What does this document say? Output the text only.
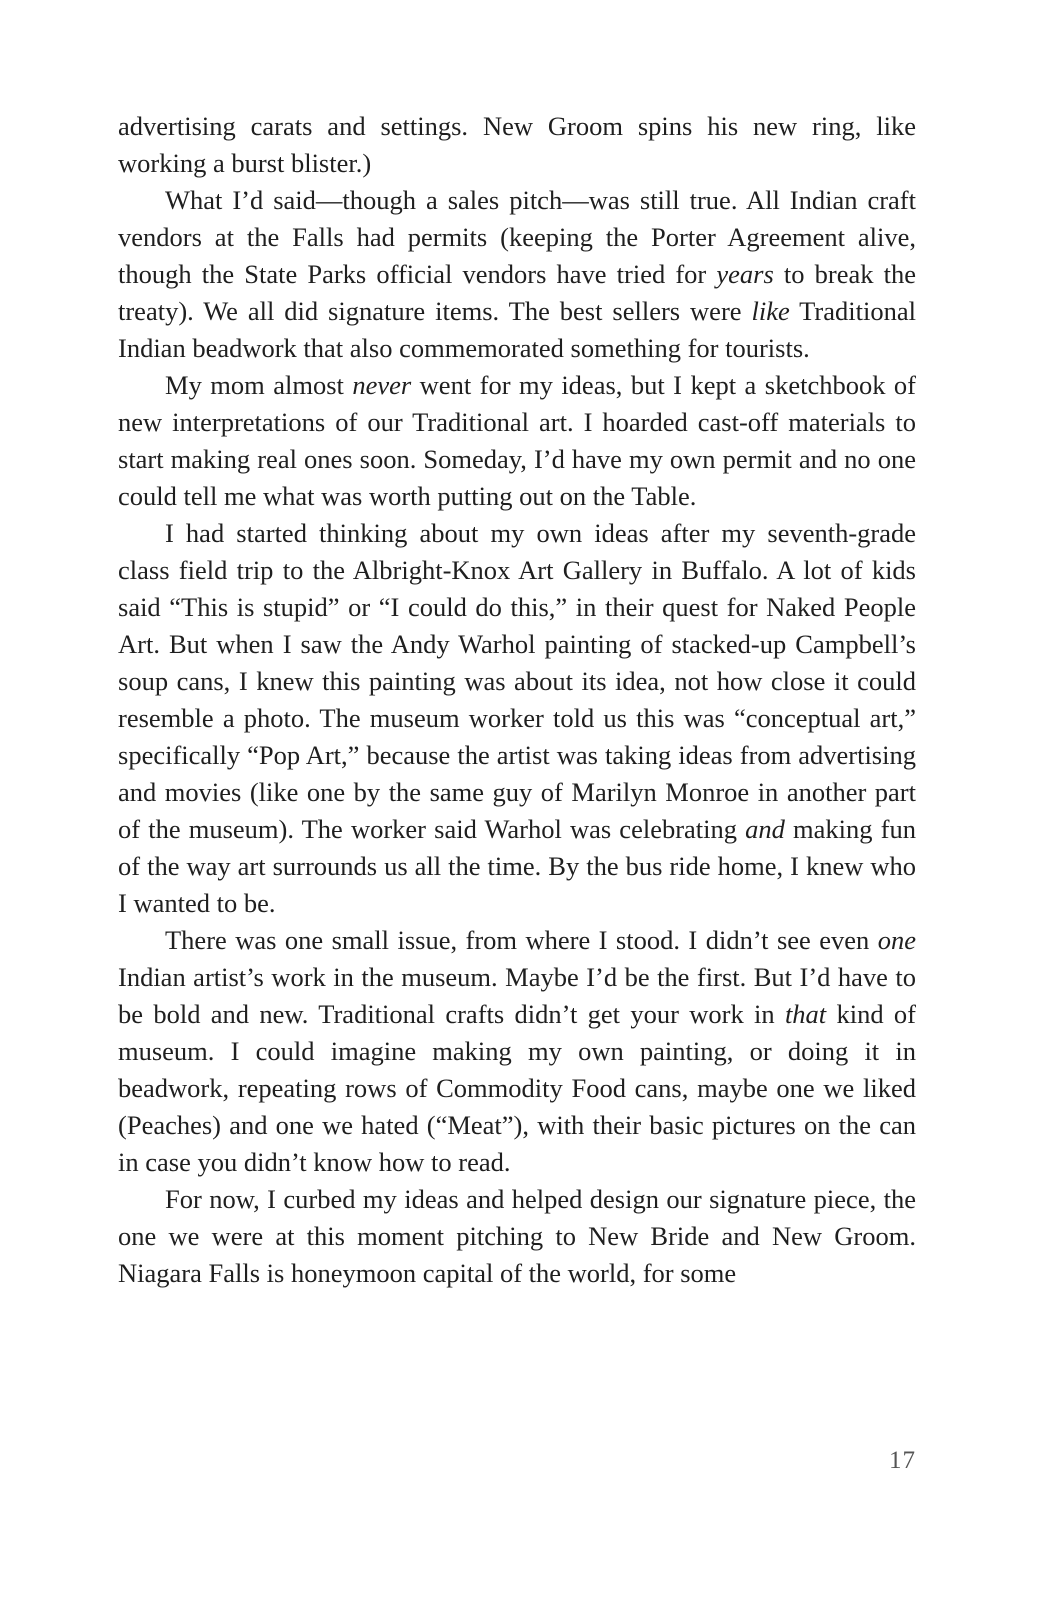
advertising carats and settings. New Groom spins his new ring, like working a burst blister.)

What I’d said—though a sales pitch—was still true. All Indian craft vendors at the Falls had permits (keeping the Porter Agreement alive, though the State Parks official vendors have tried for years to break the treaty). We all did signature items. The best sellers were like Traditional Indian beadwork that also commemorated something for tourists.

My mom almost never went for my ideas, but I kept a sketchbook of new interpretations of our Traditional art. I hoarded cast-off materials to start making real ones soon. Someday, I’d have my own permit and no one could tell me what was worth putting out on the Table.

I had started thinking about my own ideas after my seventh-grade class field trip to the Albright-Knox Art Gallery in Buffalo. A lot of kids said “This is stupid” or “I could do this,” in their quest for Naked People Art. But when I saw the Andy Warhol painting of stacked-up Campbell’s soup cans, I knew this painting was about its idea, not how close it could resemble a photo. The museum worker told us this was “conceptual art,” specifically “Pop Art,” because the artist was taking ideas from advertising and movies (like one by the same guy of Marilyn Monroe in another part of the museum). The worker said Warhol was celebrating and making fun of the way art surrounds us all the time. By the bus ride home, I knew who I wanted to be.

There was one small issue, from where I stood. I didn’t see even one Indian artist’s work in the museum. Maybe I’d be the first. But I’d have to be bold and new. Traditional crafts didn’t get your work in that kind of museum. I could imagine making my own painting, or doing it in beadwork, repeating rows of Commodity Food cans, maybe one we liked (Peaches) and one we hated (“Meat”), with their basic pictures on the can in case you didn’t know how to read.

For now, I curbed my ideas and helped design our signature piece, the one we were at this moment pitching to New Bride and New Groom. Niagara Falls is honeymoon capital of the world, for some

17
